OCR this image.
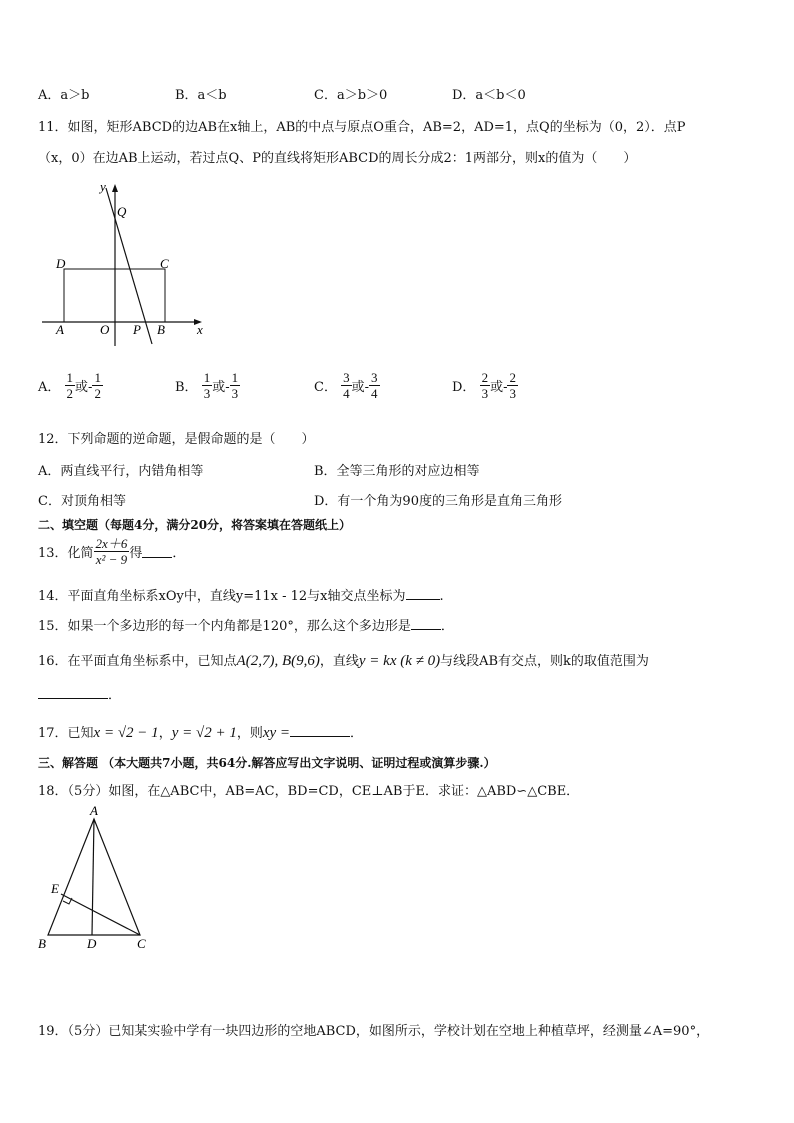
A．a＞b	B．a＜b	C．a＞b＞0	D．a＜b＜0
11．如图，矩形ABCD的边AB在x轴上，AB的中点与原点O重合，AB=2，AD=1，点Q的坐标为（0，2）．点P
（x，0）在边AB上运动，若过点Q、P的直线将矩形ABCD的周长分成2：1两部分，则x的值为（　　）
y
Q
D	C
A	O P B x
A． $\frac{1}{2}$ 或- $\frac{1}{2}$	B． $\frac{1}{3}$ 或- $\frac{1}{3}$	C． $\frac{3}{4}$ 或- $\frac{3}{4}$	D． $\frac{2}{3}$ 或- $\frac{2}{3}$
12．下列命题的逆命题，是假命题的是（　　）
A．两直线平行，内错角相等	B．全等三角形的对应边相等
C．对顶角相等	D．有一个角为90度的三角形是直角三角形
二、填空题（每题4分，满分20分，将答案填在答题纸上）
13．化简 $\frac{2x+6}{\text{x² − 9}}$ 得 ．
14．平面直角坐标系xOy中，直线y=11x - 12与x轴交点坐标为	.
15．如果一个多边形的每一个内角都是120°，那么这个多边形是 ．
16．在平面直角坐标系中，已知点A(2,7), B(9,6)，直线y = kx (k ≠ 0)与线段AB有交点，则k的取值范围为
．
17．已知x = √2 − 1，y = √2 + 1，则xy =	．
三、解答题 （本大题共7小题，共64分.解答应写出文字说明、证明过程或演算步骤.）
18．（5分）如图，在△ABC中，AB=AC，BD=CD，CE⊥AB于E．求证：△ABD∽△CBE．
A
E
B	D	C
19．（5分）已知某实验中学有一块四边形的空地ABCD，如图所示，学校计划在空地上种植草坪，经测量∠A=90°，
